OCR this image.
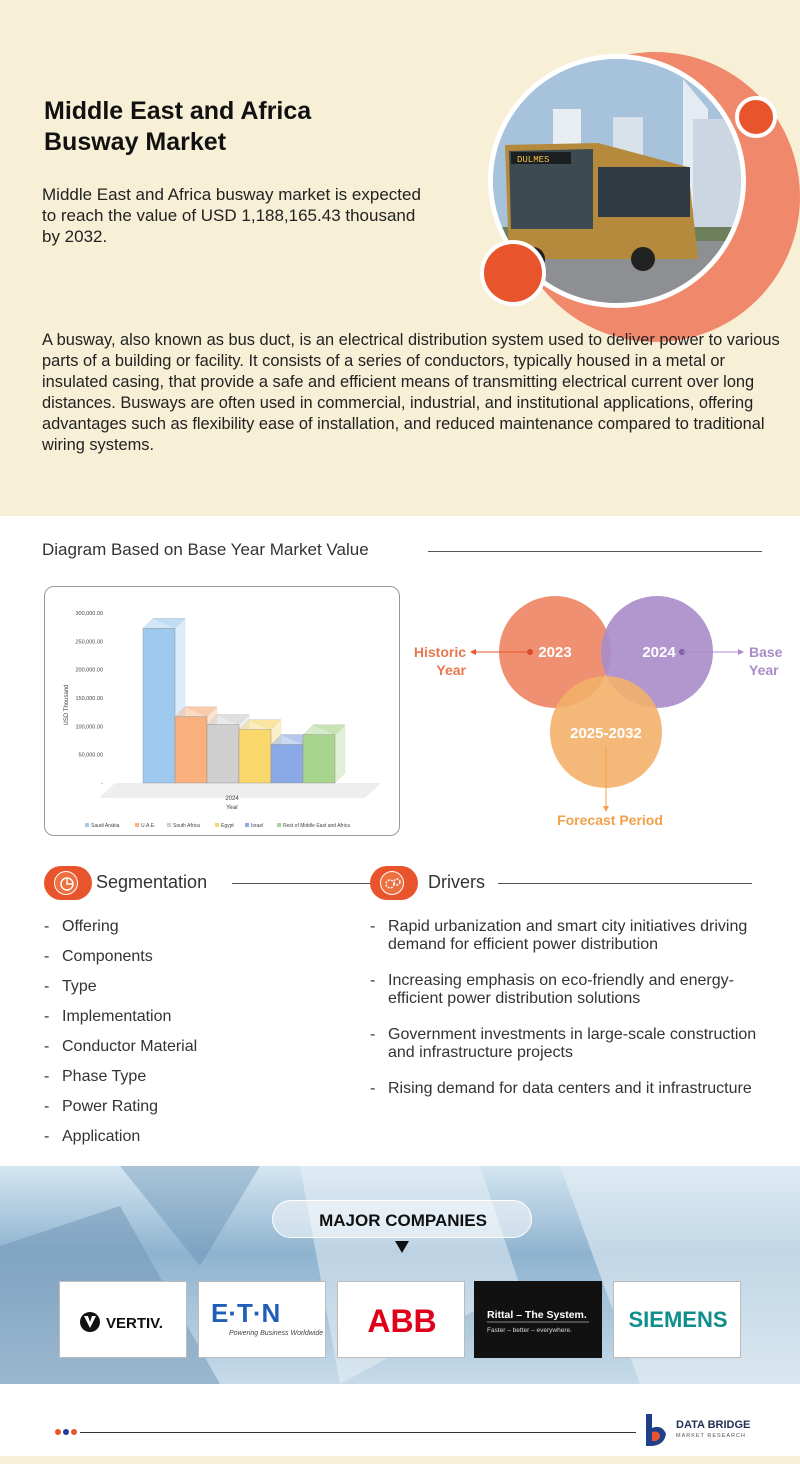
Middle East and Africa Busway Market
Middle East and Africa busway market is expected to reach the value of USD 1,188,165.43 thousand by 2032.
DULMES
A busway, also known as bus duct, is an electrical distribution system used to deliver power to various parts of a building or facility. It consists of a series of conductors, typically housed in a metal or insulated casing, that provide a safe and efficient means of transmitting electrical current over long distances. Busways are often used in commercial, industrial, and institutional applications, offering advantages such as flexibility ease of installation, and reduced maintenance compared to traditional wiring systems.
Diagram Based on Base Year Market Value
300,000.00
250,000.00
200,000.00
150,000.00
100,000.00
50,000.00
-
2024
Year
USD Thousand
Saudi Arabia	U.A.E.	South Africa	Egypt	Israel	Rest of Middle East and Africa
2023	2024
2025-2032
Historic
Year
Base
Year
Forecast Period
Segmentation	Drivers
- Offering
- Components
- Type
- Implementation
- Conductor Material
- Phase Type
- Power Rating
- Application
- Rapid urbanization and smart city initiatives driving demand for efficient power distribution
- Increasing emphasis on eco-friendly and energy-efficient power distribution solutions
- Government investments in large-scale construction and infrastructure projects
- Rising demand for data centers and it infrastructure
MAJOR COMPANIES
VERTIV. E·T·N
Powering Business Worldwide ABB	Rittal – The System.
Faster – better – everywhere.	SIEMENS
DATA BRIDGE
MARKET RESEARCH
